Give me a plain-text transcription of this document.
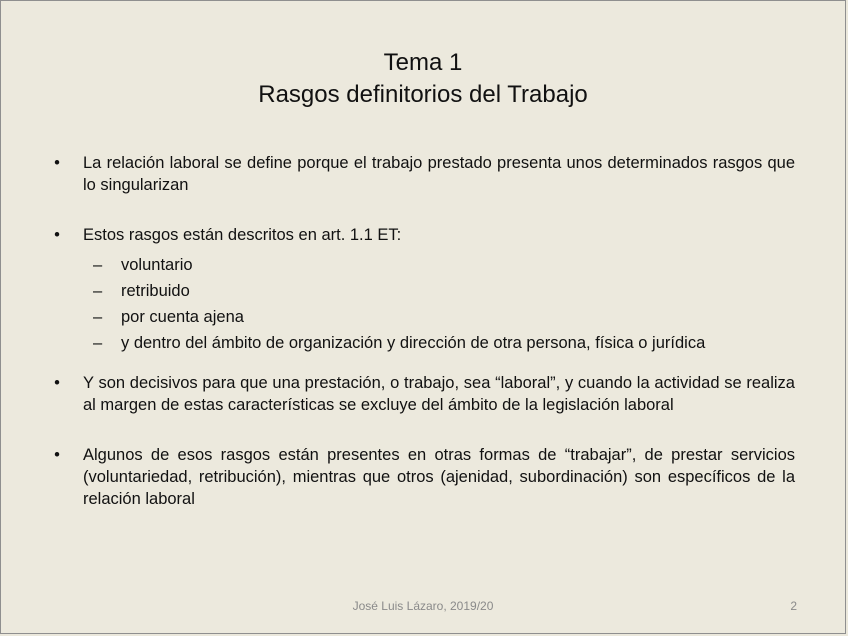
Tema 1
Rasgos definitorios del Trabajo
• La relación laboral se define porque el trabajo prestado presenta unos determinados rasgos que lo singularizan
• Estos rasgos están descritos en art. 1.1 ET:
– voluntario
– retribuido
– por cuenta ajena
– y dentro del ámbito de organización y dirección de otra persona, física o jurídica
• Y son decisivos para que una prestación, o trabajo, sea “laboral”, y cuando la actividad se realiza al margen de estas características se excluye del ámbito de la legislación laboral
• Algunos de esos rasgos están presentes en otras formas de “trabajar”, de prestar servicios (voluntariedad, retribución), mientras que otros (ajenidad, subordinación) son específicos de la relación laboral
José Luis Lázaro, 2019/20	2
